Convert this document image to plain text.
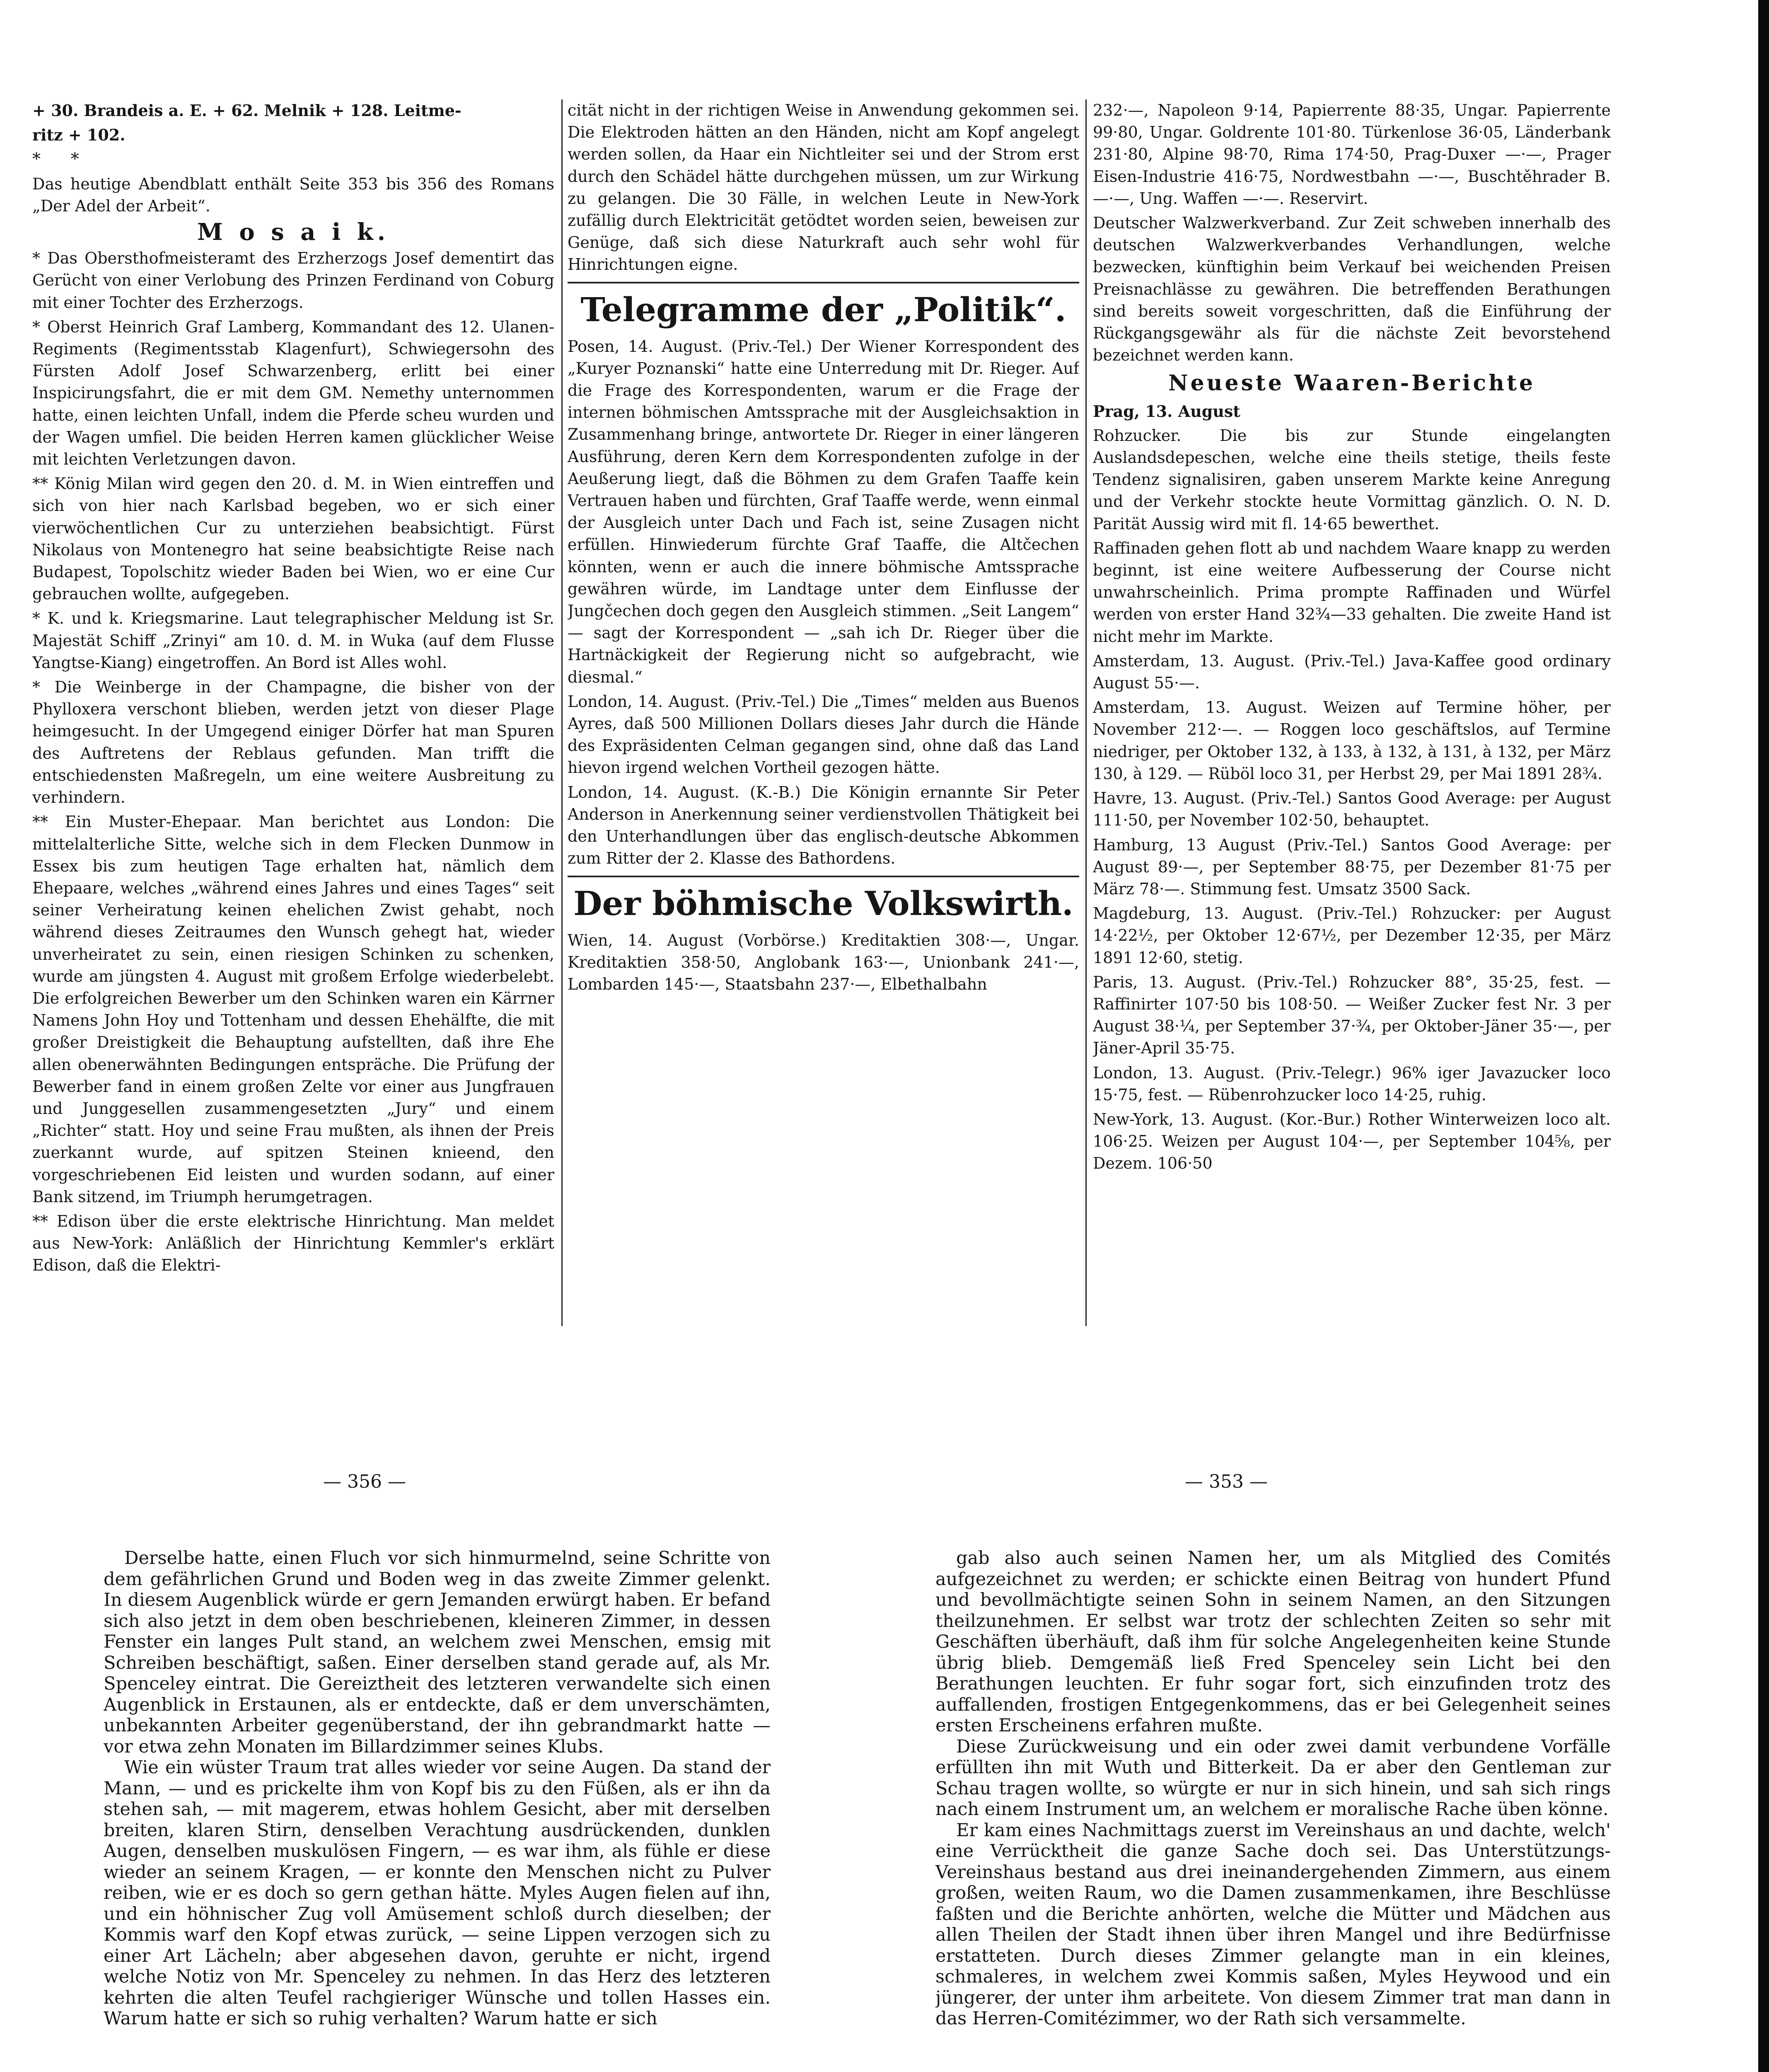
+ 30. Brandeis a. E. + 62. Melnik + 128. Leitme-

ritz + 102.

* *

Das heutige Abendblatt enthält Seite 353 bis 356 des Romans „Der Adel der Arbeit“.

M o s a i k.

* Das Obersthofmeisteramt des Erzherzogs Josef dementirt das Gerücht von einer Verlobung des Prinzen Ferdinand von Coburg mit einer Tochter des Erzherzogs.

* Oberst Heinrich Graf Lamberg, Kommandant des 12. Ulanen-Regiments (Regimentsstab Klagenfurt), Schwiegersohn des Fürsten Adolf Josef Schwarzenberg, erlitt bei einer Inspicirungsfahrt, die er mit dem GM. Nemethy unternommen hatte, einen leichten Unfall, indem die Pferde scheu wurden und der Wagen umfiel. Die beiden Herren kamen glücklicher Weise mit leichten Verletzungen davon.

** König Milan wird gegen den 20. d. M. in Wien eintreffen und sich von hier nach Karlsbad begeben, wo er sich einer vierwöchentlichen Cur zu unterziehen beabsichtigt. Fürst Nikolaus von Montenegro hat seine beabsichtigte Reise nach Budapest, Topolschitz wieder Baden bei Wien, wo er eine Cur gebrauchen wollte, aufgegeben.

* K. und k. Kriegsmarine. Laut telegraphischer Meldung ist Sr. Majestät Schiff „Zrinyi“ am 10. d. M. in Wuka (auf dem Flusse Yangtse-Kiang) eingetroffen. An Bord ist Alles wohl.

* Die Weinberge in der Champagne, die bisher von der Phylloxera verschont blieben, werden jetzt von dieser Plage heimgesucht. In der Umgegend einiger Dörfer hat man Spuren des Auftretens der Reblaus gefunden. Man trifft die entschiedensten Maßregeln, um eine weitere Ausbreitung zu verhindern.

** Ein Muster-Ehepaar. Man berichtet aus London: Die mittelalterliche Sitte, welche sich in dem Flecken Dunmow in Essex bis zum heutigen Tage erhalten hat, nämlich dem Ehepaare, welches „während eines Jahres und eines Tages“ seit seiner Verheiratung keinen ehelichen Zwist gehabt, noch während dieses Zeitraumes den Wunsch gehegt hat, wieder unverheiratet zu sein, einen riesigen Schinken zu schenken, wurde am jüngsten 4. August mit großem Erfolge wiederbelebt. Die erfolgreichen Bewerber um den Schinken waren ein Kärrner Namens John Hoy und Tottenham und dessen Ehehälfte, die mit großer Dreistigkeit die Behauptung aufstellten, daß ihre Ehe allen obenerwähnten Bedingungen entspräche. Die Prüfung der Bewerber fand in einem großen Zelte vor einer aus Jungfrauen und Junggesellen zusammengesetzten „Jury“ und einem „Richter“ statt. Hoy und seine Frau mußten, als ihnen der Preis zuerkannt wurde, auf spitzen Steinen knieend, den vorgeschriebenen Eid leisten und wurden sodann, auf einer Bank sitzend, im Triumph herumgetragen.

** Edison über die erste elektrische Hinrichtung. Man meldet aus New-York: Anläßlich der Hinrichtung Kemmler's erklärt Edison, daß die Elektri-

cität nicht in der richtigen Weise in Anwendung gekommen sei. Die Elektroden hätten an den Händen, nicht am Kopf angelegt werden sollen, da Haar ein Nichtleiter sei und der Strom erst durch den Schädel hätte durchgehen müssen, um zur Wirkung zu gelangen. Die 30 Fälle, in welchen Leute in New-York zufällig durch Elektricität getödtet worden seien, beweisen zur Genüge, daß sich diese Naturkraft auch sehr wohl für Hinrichtungen eigne.

Telegramme der „Politik“.

Posen, 14. August. (Priv.-Tel.) Der Wiener Korrespondent des „Kuryer Poznanski“ hatte eine Unterredung mit Dr. Rieger. Auf die Frage des Korrespondenten, warum er die Frage der internen böhmischen Amtssprache mit der Ausgleichsaktion in Zusammenhang bringe, antwortete Dr. Rieger in einer längeren Ausführung, deren Kern dem Korrespondenten zufolge in der Aeußerung liegt, daß die Böhmen zu dem Grafen Taaffe kein Vertrauen haben und fürchten, Graf Taaffe werde, wenn einmal der Ausgleich unter Dach und Fach ist, seine Zusagen nicht erfüllen. Hinwiederum fürchte Graf Taaffe, die Altčechen könnten, wenn er auch die innere böhmische Amtssprache gewähren würde, im Landtage unter dem Einflusse der Jungčechen doch gegen den Ausgleich stimmen. „Seit Langem“ — sagt der Korrespondent — „sah ich Dr. Rieger über die Hartnäckigkeit der Regierung nicht so aufgebracht, wie diesmal.“

London, 14. August. (Priv.-Tel.) Die „Times“ melden aus Buenos Ayres, daß 500 Millionen Dollars dieses Jahr durch die Hände des Expräsidenten Celman gegangen sind, ohne daß das Land hievon irgend welchen Vortheil gezogen hätte.

London, 14. August. (K.-B.) Die Königin ernannte Sir Peter Anderson in Anerkennung seiner verdienstvollen Thätigkeit bei den Unterhandlungen über das englisch-deutsche Abkommen zum Ritter der 2. Klasse des Bathordens.

Der böhmische Volkswirth.

Wien, 14. August (Vorbörse.) Kreditaktien 308·—, Ungar. Kreditaktien 358·50, Anglobank 163·—, Unionbank 241·—, Lombarden 145·—, Staatsbahn 237·—, Elbethalbahn

232·—, Napoleon 9·14, Papierrente 88·35, Ungar. Papierrente 99·80, Ungar. Goldrente 101·80. Türkenlose 36·05, Länderbank 231·80, Alpine 98·70, Rima 174·50, Prag-Duxer —·—, Prager Eisen-Industrie 416·75, Nordwestbahn —·—, Buschtěhrader B. —·—, Ung. Waffen —·—. Reservirt.

Deutscher Walzwerkverband. Zur Zeit schweben innerhalb des deutschen Walzwerkverbandes Verhandlungen, welche bezwecken, künftighin beim Verkauf bei weichenden Preisen Preisnachlässe zu gewähren. Die betreffenden Berathungen sind bereits soweit vorgeschritten, daß die Einführung der Rückgangsgewähr als für die nächste Zeit bevorstehend bezeichnet werden kann.

Neueste Waaren-Berichte

Prag, 13. August

Rohzucker. Die bis zur Stunde eingelangten Auslandsdepeschen, welche eine theils stetige, theils feste Tendenz signalisiren, gaben unserem Markte keine Anregung und der Verkehr stockte heute Vormittag gänzlich. O. N. D. Parität Aussig wird mit fl. 14·65 bewerthet.

Raffinaden gehen flott ab und nachdem Waare knapp zu werden beginnt, ist eine weitere Aufbesserung der Course nicht unwahrscheinlich. Prima prompte Raffinaden und Würfel werden von erster Hand 32¾—33 gehalten. Die zweite Hand ist nicht mehr im Markte.

Amsterdam, 13. August. (Priv.-Tel.) Java-Kaffee good ordinary August 55·—.

Amsterdam, 13. August. Weizen auf Termine höher, per November 212·—. — Roggen loco geschäftslos, auf Termine niedriger, per Oktober 132, à 133, à 132, à 131, à 132, per März 130, à 129. — Rüböl loco 31, per Herbst 29, per Mai 1891 28¾.

Havre, 13. August. (Priv.-Tel.) Santos Good Average: per August 111·50, per November 102·50, behauptet.

Hamburg, 13 August (Priv.-Tel.) Santos Good Average: per August 89·—, per September 88·75, per Dezember 81·75 per März 78·—. Stimmung fest. Umsatz 3500 Sack.

Magdeburg, 13. August. (Priv.-Tel.) Rohzucker: per August 14·22½, per Oktober 12·67½, per Dezember 12·35, per März 1891 12·60, stetig.

Paris, 13. August. (Priv.-Tel.) Rohzucker 88°, 35·25, fest. — Raffinirter 107·50 bis 108·50. — Weißer Zucker fest Nr. 3 per August 38·¼, per September 37·¾, per Oktober-Jäner 35·—, per Jäner-April 35·75.

London, 13. August. (Priv.-Telegr.) 96% iger Javazucker loco 15·75, fest. — Rübenrohzucker loco 14·25, ruhig.

New-York, 13. August. (Kor.-Bur.) Rother Winterweizen loco alt. 106·25. Weizen per August 104·—, per September 104⅝, per Dezem. 106·50

— 356 —	— 353 —

Derselbe hatte, einen Fluch vor sich hinmurmelnd, seine Schritte von dem gefährlichen Grund und Boden weg in das zweite Zimmer gelenkt. In diesem Augenblick würde er gern Jemanden erwürgt haben. Er befand sich also jetzt in dem oben beschriebenen, kleineren Zimmer, in dessen Fenster ein langes Pult stand, an welchem zwei Menschen, emsig mit Schreiben beschäftigt, saßen. Einer derselben stand gerade auf, als Mr. Spenceley eintrat. Die Gereiztheit des letzteren verwandelte sich einen Augenblick in Erstaunen, als er entdeckte, daß er dem unverschämten, unbekannten Arbeiter gegenüberstand, der ihn gebrandmarkt hatte — vor etwa zehn Monaten im Billardzimmer seines Klubs.

Wie ein wüster Traum trat alles wieder vor seine Augen. Da stand der Mann, — und es prickelte ihm von Kopf bis zu den Füßen, als er ihn da stehen sah, — mit magerem, etwas hohlem Gesicht, aber mit derselben breiten, klaren Stirn, denselben Verachtung ausdrückenden, dunklen Augen, denselben muskulösen Fingern, — es war ihm, als fühle er diese wieder an seinem Kragen, — er konnte den Menschen nicht zu Pulver reiben, wie er es doch so gern gethan hätte. Myles Augen fielen auf ihn, und ein höhnischer Zug voll Amüsement schloß durch dieselben; der Kommis warf den Kopf etwas zurück, — seine Lippen verzogen sich zu einer Art Lächeln; aber abgesehen davon, geruhte er nicht, irgend welche Notiz von Mr. Spenceley zu nehmen. In das Herz des letzteren kehrten die alten Teufel rachgieriger Wünsche und tollen Hasses ein. Warum hatte er sich so ruhig verhalten? Warum hatte er sich

gab also auch seinen Namen her, um als Mitglied des Comités aufgezeichnet zu werden; er schickte einen Beitrag von hundert Pfund und bevollmächtigte seinen Sohn in seinem Namen, an den Sitzungen theilzunehmen. Er selbst war trotz der schlechten Zeiten so sehr mit Geschäften überhäuft, daß ihm für solche Angelegenheiten keine Stunde übrig blieb. Demgemäß ließ Fred Spenceley sein Licht bei den Berathungen leuchten. Er fuhr sogar fort, sich einzufinden trotz des auffallenden, frostigen Entgegenkommens, das er bei Gelegenheit seines ersten Erscheinens erfahren mußte.

Diese Zurückweisung und ein oder zwei damit verbundene Vorfälle erfüllten ihn mit Wuth und Bitterkeit. Da er aber den Gentleman zur Schau tragen wollte, so würgte er nur in sich hinein, und sah sich rings nach einem Instrument um, an welchem er moralische Rache üben könne.

Er kam eines Nachmittags zuerst im Vereinshaus an und dachte, welch' eine Verrücktheit die ganze Sache doch sei. Das Unterstützungs-Vereinshaus bestand aus drei ineinandergehenden Zimmern, aus einem großen, weiten Raum, wo die Damen zusammenkamen, ihre Beschlüsse faßten und die Berichte anhörten, welche die Mütter und Mädchen aus allen Theilen der Stadt ihnen über ihren Mangel und ihre Bedürfnisse erstatteten. Durch dieses Zimmer gelangte man in ein kleines, schmaleres, in welchem zwei Kommis saßen, Myles Heywood und ein jüngerer, der unter ihm arbeitete. Von diesem Zimmer trat man dann in das Herren-Comitézimmer, wo der Rath sich versammelte.
